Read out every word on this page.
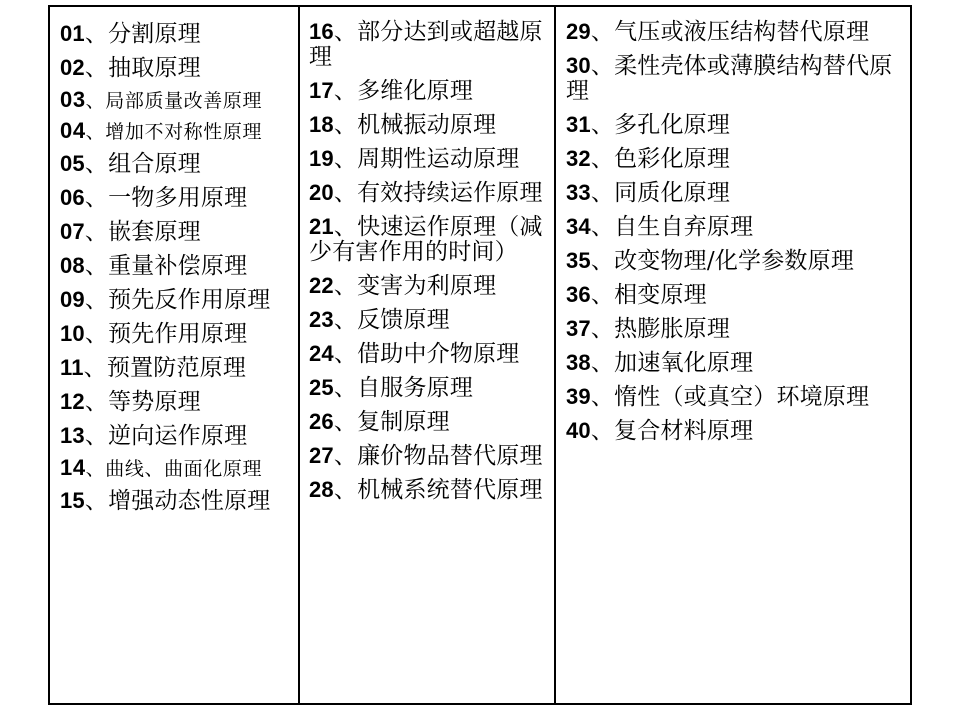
01、分割原理
02、抽取原理
03、局部质量改善原理
04、增加不对称性原理
05、组合原理
06、一物多用原理
07、嵌套原理
08、重量补偿原理
09、预先反作用原理
10、预先作用原理
11、预置防范原理
12、等势原理
13、逆向运作原理
14、曲线、曲面化原理
15、增强动态性原理
16、部分达到或超越原理
17、多维化原理
18、机械振动原理
19、周期性运动原理
20、有效持续运作原理
21、快速运作原理（减少有害作用的时间）
22、变害为利原理
23、反馈原理
24、借助中介物原理
25、自服务原理
26、复制原理
27、廉价物品替代原理
28、机械系统替代原理
29、气压或液压结构替代原理
30、柔性壳体或薄膜结构替代原理
31、多孔化原理
32、色彩化原理
33、同质化原理
34、自生自弃原理
35、改变物理/化学参数原理
36、相变原理
37、热膨胀原理
38、加速氧化原理
39、惰性（或真空）环境原理
40、复合材料原理
